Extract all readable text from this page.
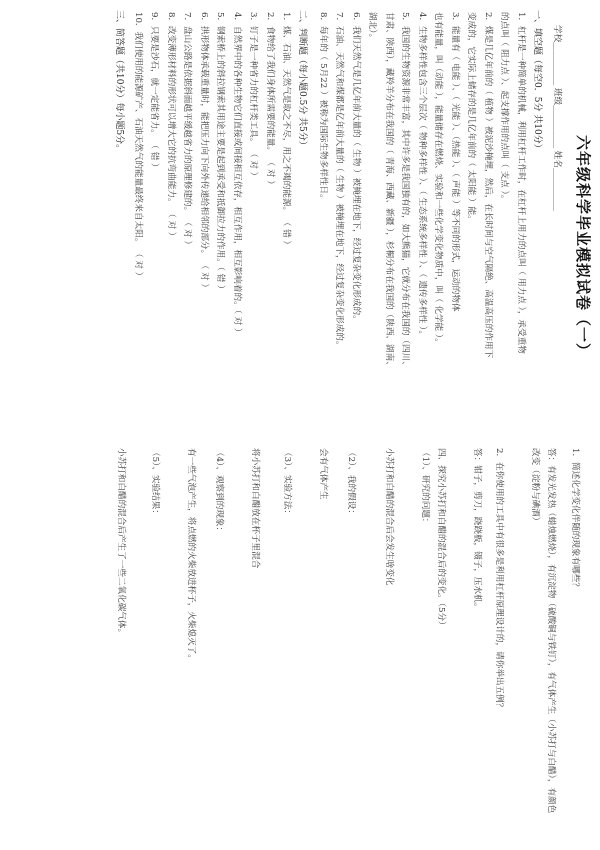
六年级科学毕业模拟试卷（一）
学校__________ 班级__________ 姓名__________
一、填空题（每空0．5分 共10分）
1．杠杆是一种简单的机械，利用杠杆工作时，在杠杆上用力的点叫（ 用力点 ），承受重物
的点叫（ 阻力点 ）、起支撑作用的点叫（ 支点 ）。
2．煤是几亿年前的（ 植物 ）被泥沙掩埋，然后，在长时间与空气隔绝、高温高压的作用下
变成的，它实际上储存的是几亿年前的（ 太阳能 ）能。
3．能量有（ 电能 ）、（ 光能 ）、（热能 ）、（ 声能 ）等不同的形式，运动的物体
也有能量，叫（动能 ），能量储存在燃烧、实验和一些化学变化物质中，叫（ 化学能 ）。
4．生物多样性包含三个层次（ 物种多样性 ）、（ 生态系统多样性 ）、（ 遗传多样性 ）。
5．我国的生物资源非常丰富，其中许多是我国独有的，如大熊猫，它就分布在我国的（四川、
甘肃、陕西），藏羚羊分布在我国的（ 青海、西藏、新疆 ），杉桐分布在我国的（陕西、湖南、
湖北）。
6．我们天然气是几亿年前大量的（ 生物 ）被掩埋在地下，经过复杂变化形成的。
7．石油、天然气和煤都是亿年前大量的（ 生物 ）被掩埋在地下，经过复杂变化形成的。
8．每年的（ 5月22 ）被称为国际生物多样性日。
二、判断题（每小题0.5分 共5分）
1．煤、石油、天然气是取之不尽，用之不竭的能源。 （ 错 ）
2．食物给了我们身体所需要的能量。 （ 对 ）
3．钉子是一种省力的杠杆类工具。 （ 对 ）
4．自然界中的各种生物它们直接或间接相互依存，相互作用，相互影响着的。（ 对 ）
5．钢索桥上的斜拉钢索其用途主要是起到承受和抵御拉力的作用。（ 错 ）
6．拱形物体承载重量时，能把压力向下向外传递给相邻的部分。 （ 对 ）
7．盘山公路是依据斜面越平缓越省力的原理修建的。 （ 对 ）
8．改变薄形材料的形状可以增大它的抗弯曲能力。 （ 对 ）
9．只要是沙石，就一定能省力。 （ 错 ）
10．我们使用的能源矿产、石油天然气的能量最终来自太阳。 （ 对 ）
三、简答题（共10分）每小题5分。
1．简述化学变化伴随的现象有哪些？
答：有发光发热（蜡烛燃烧），有沉淀物（硫酸铜与铁钉），有气体产生（小苏打与白醋），有颜色
改变（淀粉与碘酒）
2．在你使用的工具中有很多是利用杠杆原理设计的，请你举出五例？
答：钳子，剪刀，跷跷板，镊子，压水机。
四、探究小苏打和白醋的混合后的变化。（5分）
（1）、研究的问题：
小苏打和白醋的混合后会发生啥变化
（2）、我的假设：
会有气体产生
（3）、实验方法：
将小苏打和白醋放在杯子里混合
（4）、观察到的现象：
有一些气泡产生，将点燃的火柴放进杯子，火柴熄灭了。
（5）、实验结果：
小苏打和白醋的混合后产生了一些二氧化碳气体。
